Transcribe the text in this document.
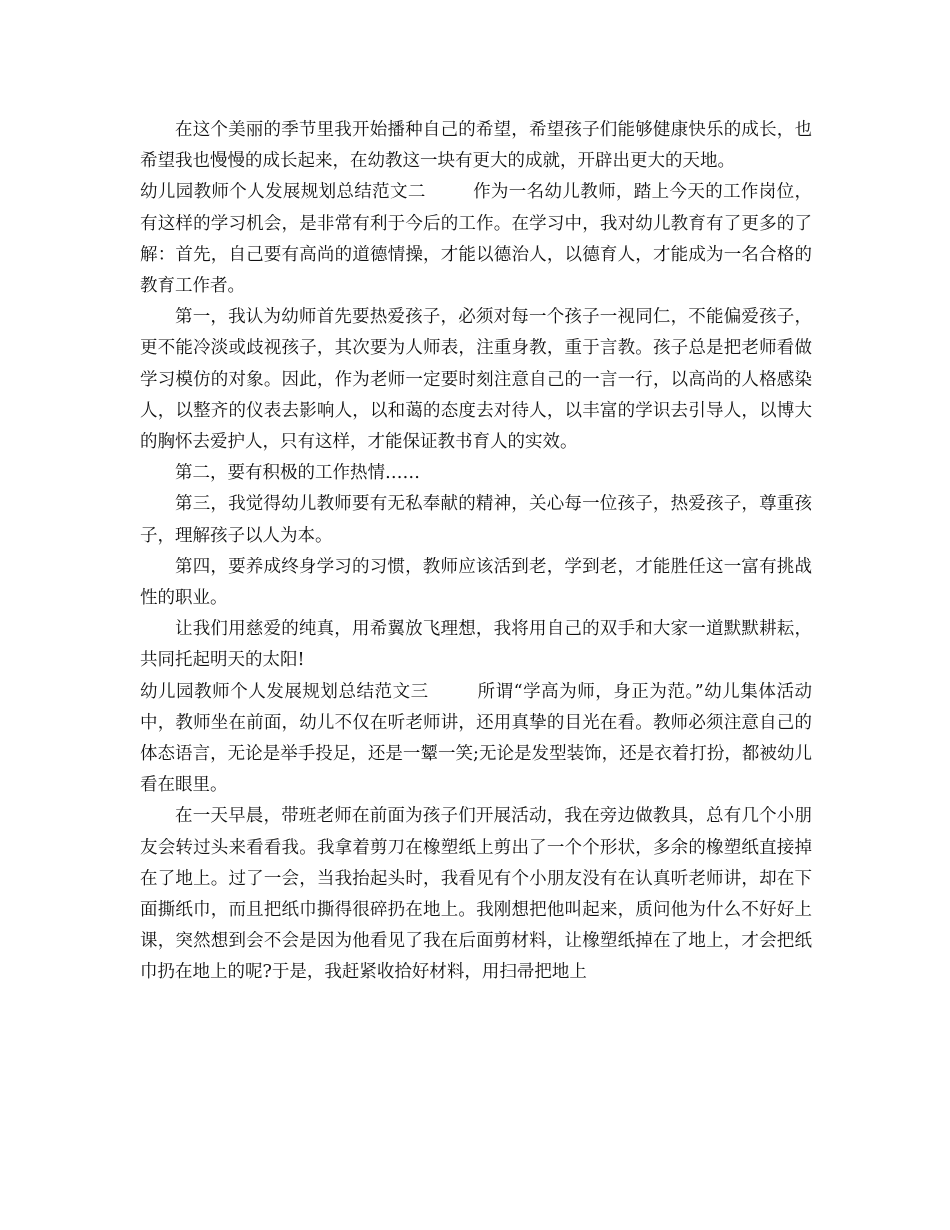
在这个美丽的季节里我开始播种自己的希望，希望孩子们能够健康快乐的成长，也希望我也慢慢的成长起来，在幼教这一块有更大的成就，开辟出更大的天地。

幼儿园教师个人发展规划总结范文二	作为一名幼儿教师，踏上今天的工作岗位，有这样的学习机会，是非常有利于今后的工作。在学习中，我对幼儿教育有了更多的了解：首先，自己要有高尚的道德情操，才能以德治人，以德育人，才能成为一名合格的教育工作者。

第一，我认为幼师首先要热爱孩子，必须对每一个孩子一视同仁，不能偏爱孩子，更不能冷淡或歧视孩子，其次要为人师表，注重身教，重于言教。孩子总是把老师看做学习模仿的对象。因此，作为老师一定要时刻注意自己的一言一行，以高尚的人格感染人，以整齐的仪表去影响人，以和蔼的态度去对待人，以丰富的学识去引导人，以博大的胸怀去爱护人，只有这样，才能保证教书育人的实效。

第二，要有积极的工作热情……

第三，我觉得幼儿教师要有无私奉献的精神，关心每一位孩子，热爱孩子，尊重孩子，理解孩子以人为本。

第四，要养成终身学习的习惯，教师应该活到老，学到老，才能胜任这一富有挑战性的职业。

让我们用慈爱的纯真，用希翼放飞理想，我将用自己的双手和大家一道默默耕耘，共同托起明天的太阳!

幼儿园教师个人发展规划总结范文三	所谓“学高为师，身正为范。”幼儿集体活动中，教师坐在前面，幼儿不仅在听老师讲，还用真挚的目光在看。教师必须注意自己的体态语言，无论是举手投足，还是一颦一笑;无论是发型装饰，还是衣着打扮，都被幼儿看在眼里。

在一天早晨，带班老师在前面为孩子们开展活动，我在旁边做教具，总有几个小朋友会转过头来看看我。我拿着剪刀在橡塑纸上剪出了一个个形状，多余的橡塑纸直接掉在了地上。过了一会，当我抬起头时，我看见有个小朋友没有在认真听老师讲，却在下面撕纸巾，而且把纸巾撕得很碎扔在地上。我刚想把他叫起来，质问他为什么不好好上课，突然想到会不会是因为他看见了我在后面剪材料，让橡塑纸掉在了地上，才会把纸巾扔在地上的呢?于是，我赶紧收拾好材料，用扫帚把地上
